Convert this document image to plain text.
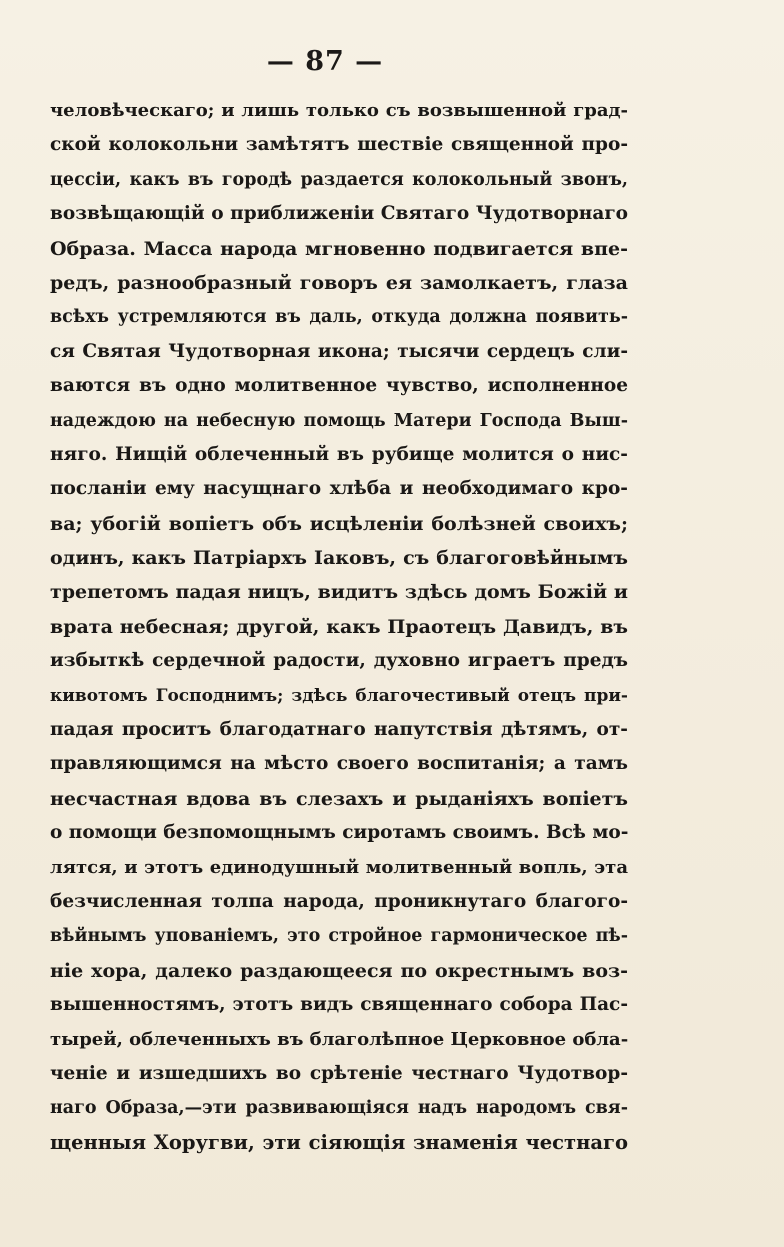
— 87 —
человѣческаго; и лишь только съ возвышенной град-
ской колокольни замѣтятъ шествіе священной про-
цессіи, какъ въ городѣ раздается колокольный звонъ,
возвѣщающій о приближеніи Святаго Чудотворнаго
Образа. Масса народа мгновенно подвигается впе-
редъ, разнообразный говоръ ея замолкаетъ, глаза
всѣхъ устремляются въ даль, откуда должна появить-
ся Святая Чудотворная икона; тысячи сердецъ сли-
ваются въ одно молитвенное чувство, исполненное
надеждою на небесную помощь Матери Господа Выш-
няго. Нищій облеченный въ рубище молится о нис-
посланіи ему насущнаго хлѣба и необходимаго кро-
ва; убогій вопіетъ объ исцѣленіи болѣзней своихъ;
одинъ, какъ Патріархъ Іаковъ, съ благоговѣйнымъ
трепетомъ падая ницъ, видитъ здѣсь домъ Божій и
врата небесная; другой, какъ Праотецъ Давидъ, въ
избыткѣ сердечной радости, духовно играетъ предъ
кивотомъ Господнимъ; здѣсь благочестивый отецъ при-
падая проситъ благодатнаго напутствія дѣтямъ, от-
правляющимся на мѣсто своего воспитанія; а тамъ
несчастная вдова въ слезахъ и рыданіяхъ вопіетъ
о помощи безпомощнымъ сиротамъ своимъ. Всѣ мо-
лятся, и этотъ единодушный молитвенный вопль, эта
безчисленная толпа народа, проникнутаго благого-
вѣйнымъ упованіемъ, это стройное гармоническое пѣ-
ніе хора, далеко раздающееся по окрестнымъ воз-
вышенностямъ, этотъ видъ священнаго собора Пас-
тырей, облеченныхъ въ благолѣпное Церковное обла-
ченіе и изшедшихъ во срѣтеніе честнаго Чудотвор-
наго Образа,—эти развивающіяся надъ народомъ свя-
щенныя Хоругви, эти сіяющія знаменія честнаго
